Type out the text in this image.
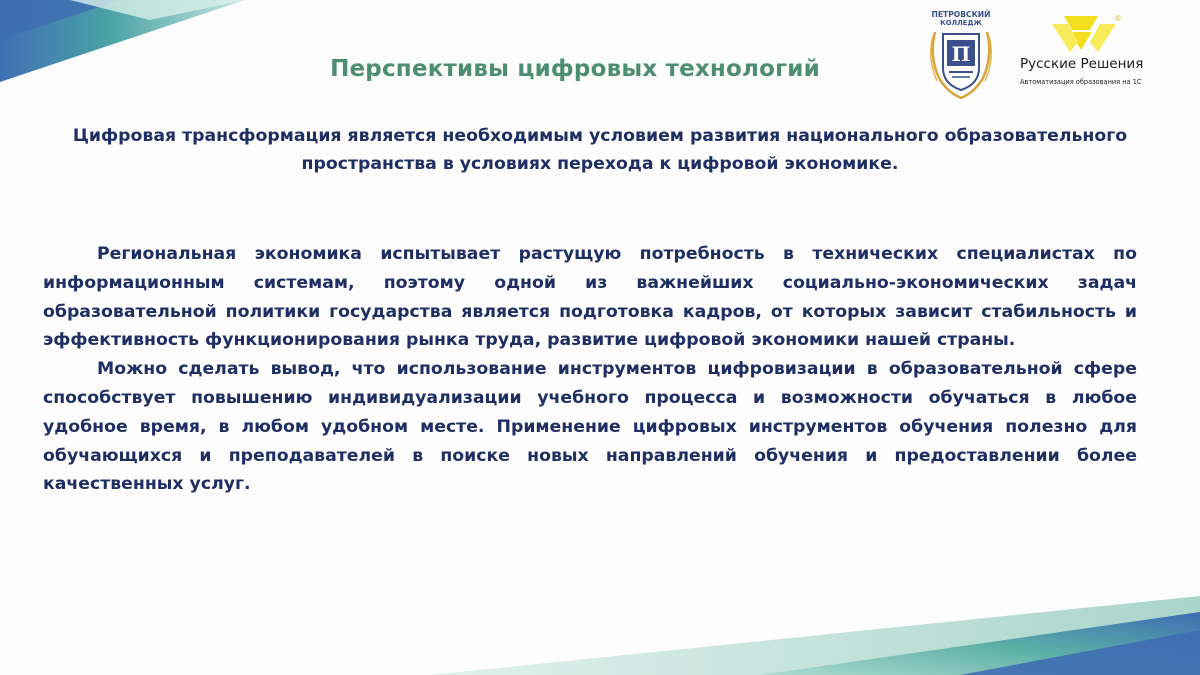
ПЕТРОВСКИЙ
КОЛЛЕДЖ
П
®
Русские Решения
Автоматизация образования на 1С
Перспективы цифровых технологий
Цифровая трансформация является необходимым условием развития национального образовательного пространства в условиях перехода к цифровой экономике.

Региональная экономика испытывает растущую потребность в технических специалистах по информационным системам, поэтому одной из важнейших социально-экономических задач образовательной политики государства является подготовка кадров, от которых зависит стабильность и эффективность функционирования рынка труда, развитие цифровой экономики нашей страны.

Можно сделать вывод, что использование инструментов цифровизации в образовательной сфере способствует повышению индивидуализации учебного процесса и возможности обучаться в любое удобное время, в любом удобном месте. Применение цифровых инструментов обучения полезно для обучающихся и преподавателей в поиске новых направлений обучения и предоставлении более качественных услуг.
